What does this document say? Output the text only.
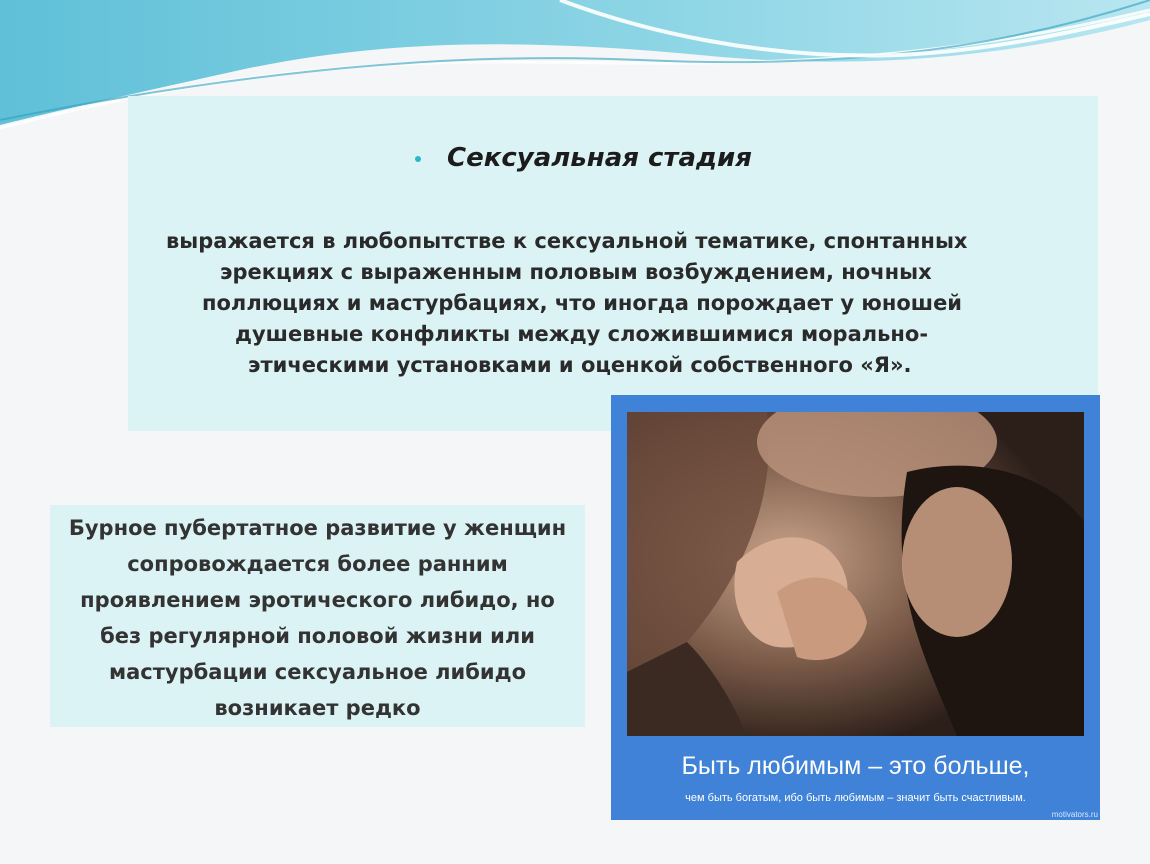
Сексуальная стадия
выражается в любопытстве к сексуальной тематике, спонтанных
эрекциях с выраженным половым возбуждением, ночных
поллюциях и мастурбациях, что иногда порождает у юношей
душевные конфликты между сложившимися морально-
этическими установками и оценкой собственного «Я».
Бурное пубертатное развитие у женщин
сопровождается более ранним
проявлением эротического либидо, но
без регулярной половой жизни или
мастурбации сексуальное либидо
возникает редко
Быть любимым – это больше,
чем быть богатым, ибо быть любимым – значит быть счастливым.
motivators.ru
